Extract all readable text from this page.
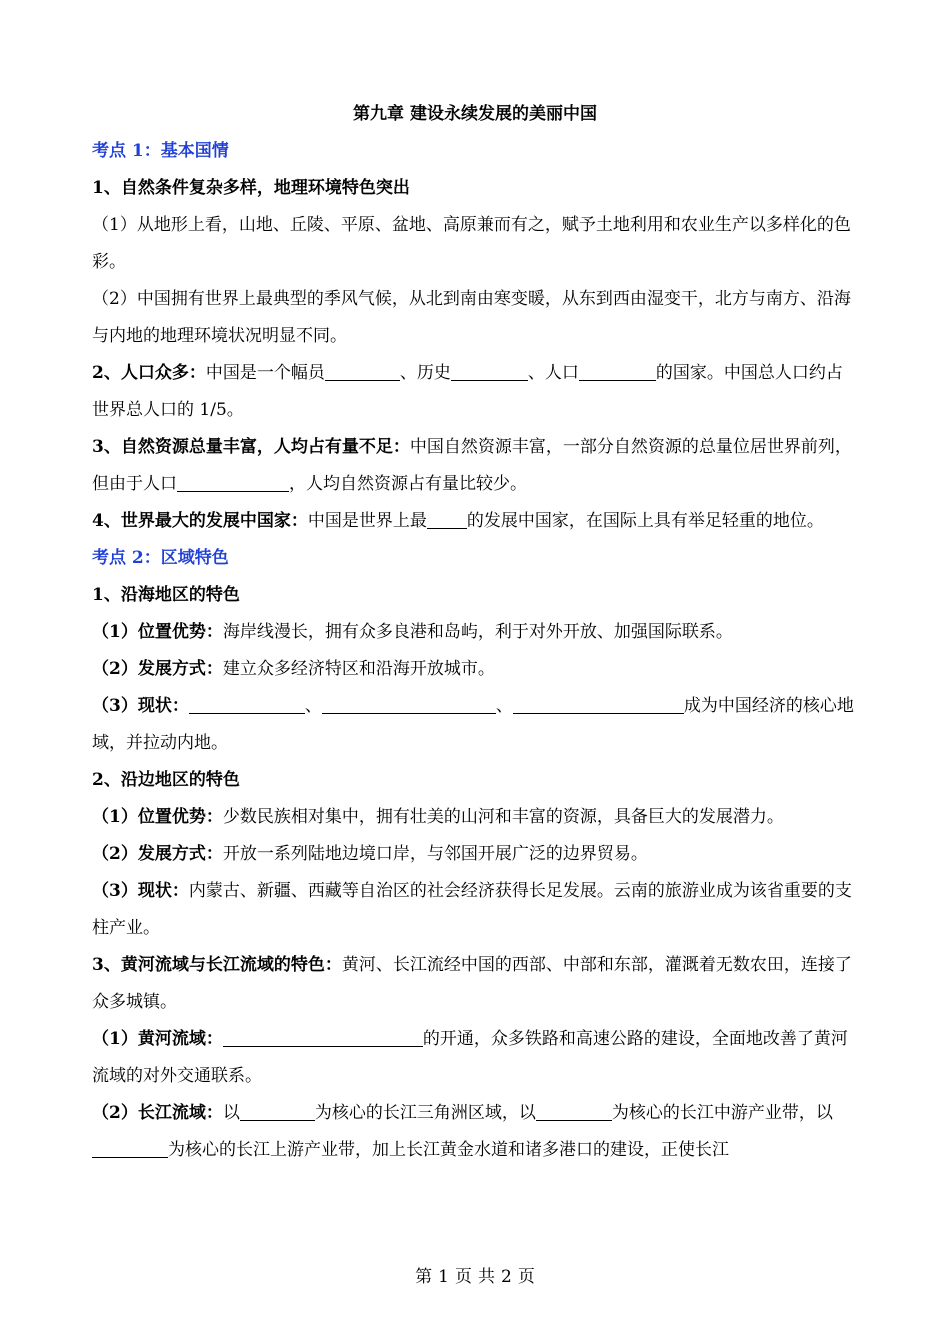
第九章 建设永续发展的美丽中国

考点 1：基本国情

1、自然条件复杂多样，地理环境特色突出

（1）从地形上看，山地、丘陵、平原、盆地、高原兼而有之，赋予土地利用和农业生产以多样化的色彩。

（2）中国拥有世界上最典型的季风气候，从北到南由寒变暖，从东到西由湿变干，北方与南方、沿海与内地的地理环境状况明显不同。

2、人口众多：中国是一个幅员	、历史	、人口	的国家。中国总人口约占世界总人口的 1/5。

3、自然资源总量丰富，人均占有量不足：中国自然资源丰富，一部分自然资源的总量位居世界前列，但由于人口	，人均自然资源占有量比较少。

4、世界最大的发展中国家：中国是世界上最 的发展中国家，在国际上具有举足轻重的地位。

考点 2：区域特色

1、沿海地区的特色

（1）位置优势：海岸线漫长，拥有众多良港和岛屿，利于对外开放、加强国际联系。

（2）发展方式：建立众多经济特区和沿海开放城市。

（3）现状：	、	、	成为中国经济的核心地域，并拉动内地。

2、沿边地区的特色

（1）位置优势：少数民族相对集中，拥有壮美的山河和丰富的资源，具备巨大的发展潜力。

（2）发展方式：开放一系列陆地边境口岸，与邻国开展广泛的边界贸易。

（3）现状：内蒙古、新疆、西藏等自治区的社会经济获得长足发展。云南的旅游业成为该省重要的支柱产业。

3、黄河流域与长江流域的特色：黄河、长江流经中国的西部、中部和东部，灌溉着无数农田，连接了众多城镇。

（1）黄河流域：	的开通，众多铁路和高速公路的建设，全面地改善了黄河流域的对外交通联系。

（2）长江流域：以	为核心的长江三角洲区域，以	为核心的长江中游产业带，以为核心的长江上游产业带，加上长江黄金水道和诸多港口的建设，正使长江

第 1 页 共 2 页
